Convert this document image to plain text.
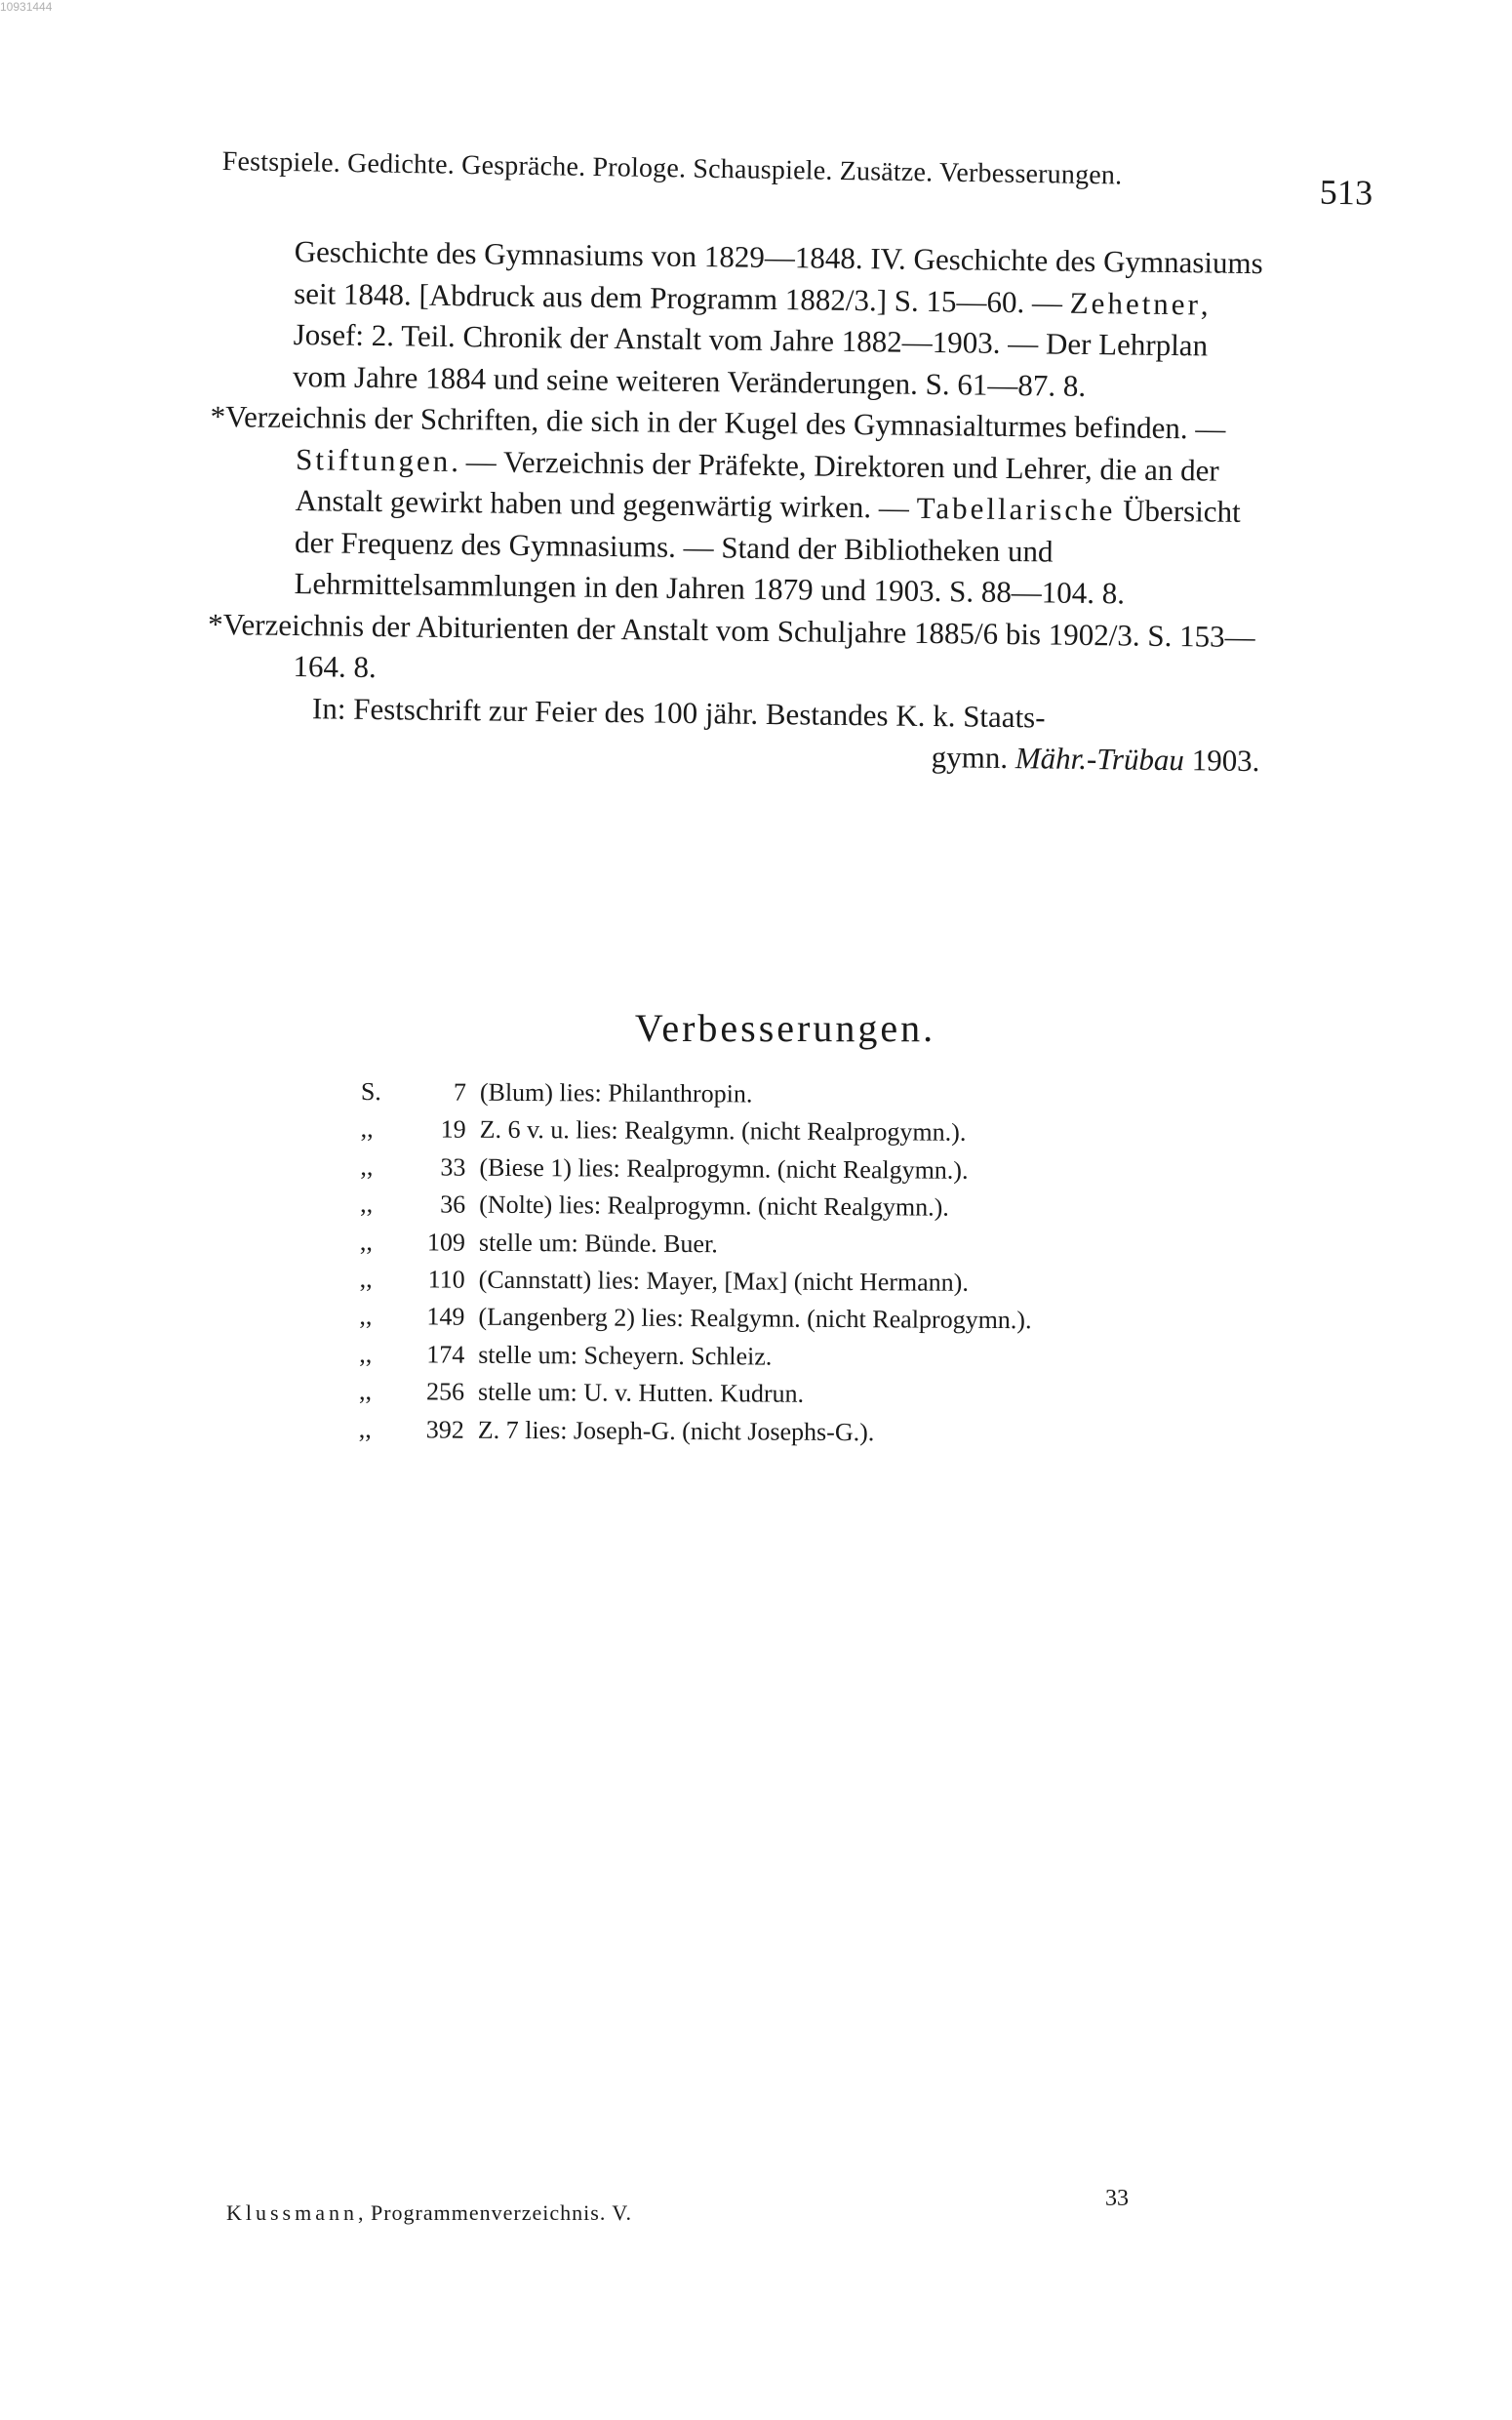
10931444
Festspiele. Gedichte. Gespräche. Prologe. Schauspiele. Zusätze. Verbesserungen.
513

Geschichte des Gymnasiums von 1829—1848. IV. Geschichte des Gymnasiums seit 1848. [Abdruck aus dem Programm 1882/3.] S. 15—60. — Zehetner, Josef: 2. Teil. Chronik der Anstalt vom Jahre 1882—1903. — Der Lehrplan vom Jahre 1884 und seine weiteren Veränderungen. S. 61—87. 8.

*Verzeichnis der Schriften, die sich in der Kugel des Gymnasialturmes befinden. — Stiftungen. — Verzeichnis der Präfekte, Direktoren und Lehrer, die an der Anstalt gewirkt haben und gegenwärtig wirken. — Tabellarische Übersicht der Frequenz des Gymnasiums. — Stand der Bibliotheken und Lehrmittelsammlungen in den Jahren 1879 und 1903. S. 88—104. 8.

*Verzeichnis der Abiturienten der Anstalt vom Schuljahre 1885/6 bis 1902/3. S. 153—164. 8.

In: Festschrift zur Feier des 100 jähr. Bestandes K. k. Staats-

gymn. Mähr.-Trübau 1903.

Verbesserungen.
S.	7 (Blum) lies: Philanthropin.
,,	19 Z. 6 v. u. lies: Realgymn. (nicht Realprogymn.).
,,	33 (Biese 1) lies: Realprogymn. (nicht Realgymn.).
,,	36 (Nolte) lies: Realprogymn. (nicht Realgymn.).
,,	109 stelle um: Bünde. Buer.
,,	110 (Cannstatt) lies: Mayer, [Max] (nicht Hermann).
,,	149 (Langenberg 2) lies: Realgymn. (nicht Realprogymn.).
,,	174 stelle um: Scheyern. Schleiz.
,,	256 stelle um: U. v. Hutten. Kudrun.
,,	392 Z. 7 lies: Joseph-G. (nicht Josephs-G.).
Klussmann, Programmenverzeichnis. V.
33
